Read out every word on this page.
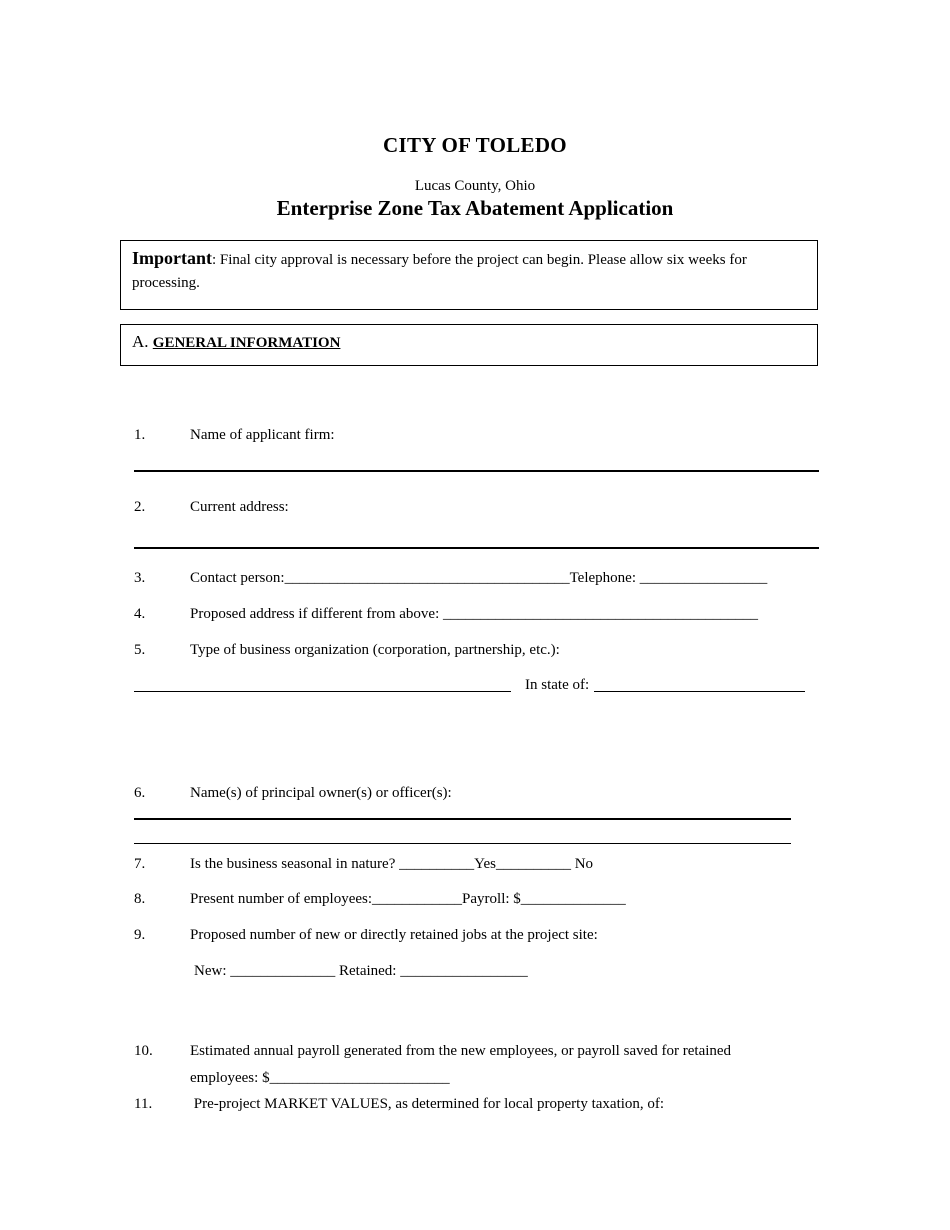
CITY OF TOLEDO
Lucas County, Ohio
Enterprise Zone Tax Abatement Application
Important: Final city approval is necessary before the project can begin. Please allow six weeks for processing.
A. GENERAL INFORMATION
1.	Name of applicant firm:
2.	Current address:
3.	Contact person:______________________________________Telephone: _________________
4.	Proposed address if different from above: __________________________________________
5.	Type of business organization (corporation, partnership, etc.):
In state of:
6.	Name(s) of principal owner(s) or officer(s):
7.	Is the business seasonal in nature? __________Yes__________ No
8.	Present number of employees:____________Payroll: $______________
9.	Proposed number of new or directly retained jobs at the project site:
New: ______________ Retained: _________________
10. Estimated annual payroll generated from the new employees, or payroll saved for retained
employees: $________________________
11.	Pre-project MARKET VALUES, as determined for local property taxation, of:
